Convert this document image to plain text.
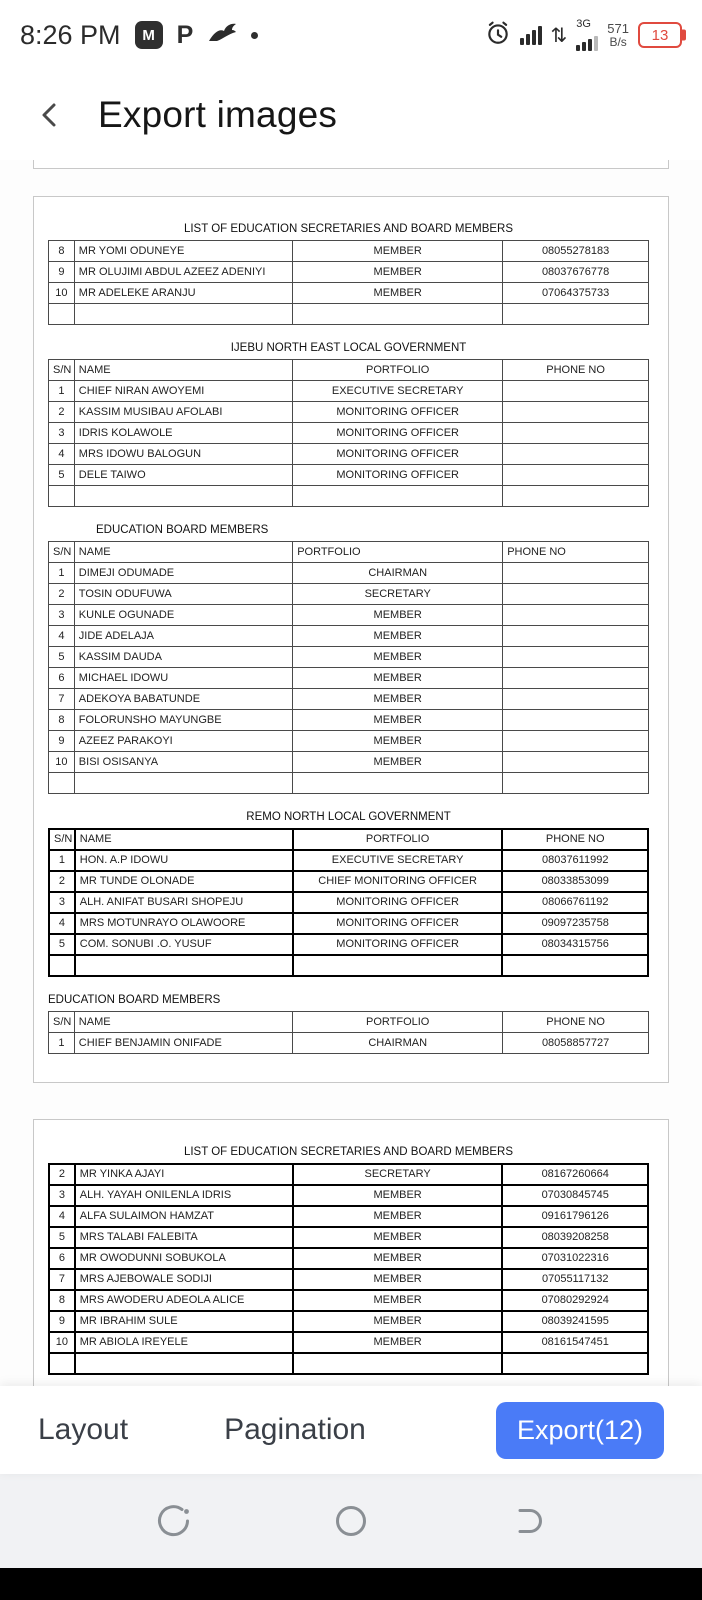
8:26 PM	M P	⇅
3G 571
B/s 13
Export images
LIST OF EDUCATION SECRETARIES AND BOARD MEMBERS
8	MR YOMI ODUNEYE	MEMBER	08055278183
9	MR OLUJIMI ABDUL AZEEZ ADENIYI	MEMBER	08037676778
10	MR ADELEKE ARANJU	MEMBER	07064375733

IJEBU NORTH EAST LOCAL GOVERNMENT
S/N	NAME	PORTFOLIO	PHONE NO
1	CHIEF NIRAN AWOYEMI	EXECUTIVE SECRETARY	
2	KASSIM MUSIBAU AFOLABI	MONITORING OFFICER	
3	IDRIS KOLAWOLE	MONITORING OFFICER	
4	MRS IDOWU BALOGUN	MONITORING OFFICER	
5	DELE TAIWO	MONITORING OFFICER	

EDUCATION BOARD MEMBERS
S/N	NAME	PORTFOLIO	PHONE NO
1	DIMEJI ODUMADE	CHAIRMAN	
2	TOSIN ODUFUWA	SECRETARY	
3	KUNLE OGUNADE	MEMBER	
4	JIDE ADELAJA	MEMBER	
5	KASSIM DAUDA	MEMBER	
6	MICHAEL IDOWU	MEMBER	
7	ADEKOYA BABATUNDE	MEMBER	
8	FOLORUNSHO MAYUNGBE	MEMBER	
9	AZEEZ PARAKOYI	MEMBER	
10	BISI OSISANYA	MEMBER	

REMO NORTH LOCAL GOVERNMENT
S/N	NAME	PORTFOLIO	PHONE NO
1	HON. A.P IDOWU	EXECUTIVE SECRETARY	08037611992
2	MR TUNDE OLONADE	CHIEF MONITORING OFFICER	08033853099
3	ALH. ANIFAT BUSARI SHOPEJU	MONITORING OFFICER	08066761192
4	MRS MOTUNRAYO OLAWOORE	MONITORING OFFICER	09097235758
5	COM. SONUBI .O. YUSUF	MONITORING OFFICER	08034315756

EDUCATION BOARD MEMBERS
S/N	NAME	PORTFOLIO	PHONE NO
1	CHIEF BENJAMIN ONIFADE	CHAIRMAN	08058857727
LIST OF EDUCATION SECRETARIES AND BOARD MEMBERS
2	MR YINKA AJAYI	SECRETARY	08167260664
3	ALH. YAYAH ONILENLA IDRIS	MEMBER	07030845745
4	ALFA SULAIMON HAMZAT	MEMBER	09161796126
5	MRS TALABI FALEBITA	MEMBER	08039208258
6	MR OWODUNNI SOBUKOLA	MEMBER	07031022316
7	MRS AJEBOWALE SODIJI	MEMBER	07055117132
8	MRS AWODERU ADEOLA ALICE	MEMBER	07080292924
9	MR IBRAHIM SULE	MEMBER	08039241595
10	MR ABIOLA IREYELE	MEMBER	08161547451

Layout	Pagination	Export(12)
